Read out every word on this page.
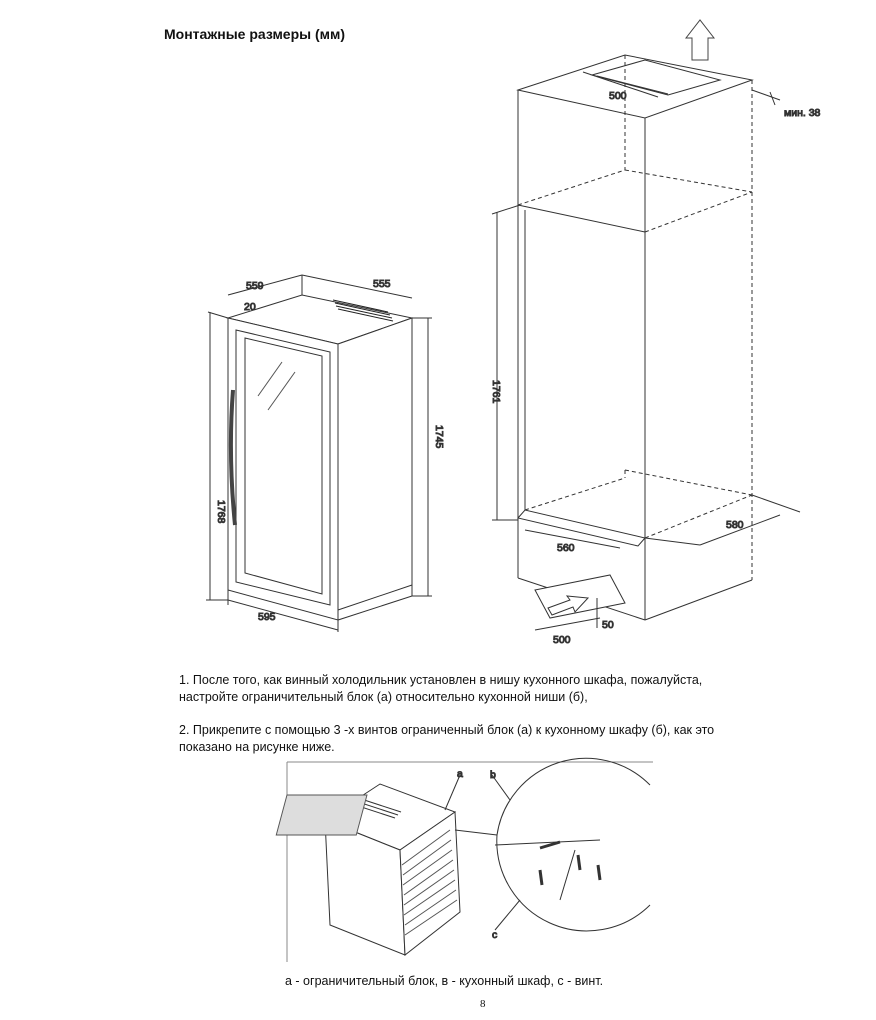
Монтажные размеры (мм)
500
мин. 38
1761
580
560
500
50
559	555
20
1745
1768
595
a	b
c
1. После того, как винный холодильник установлен в нишу кухонного шкафа, пожалуйста,
настройте ограничительный блок (а) относительно кухонной ниши (б),
2. Прикрепите с помощью 3 -х винтов ограниченный блок (а) к кухонному шкафу (б), как это
показано на рисунке ниже.
а - ограничительный блок, в - кухонный шкаф, с - винт.
8
